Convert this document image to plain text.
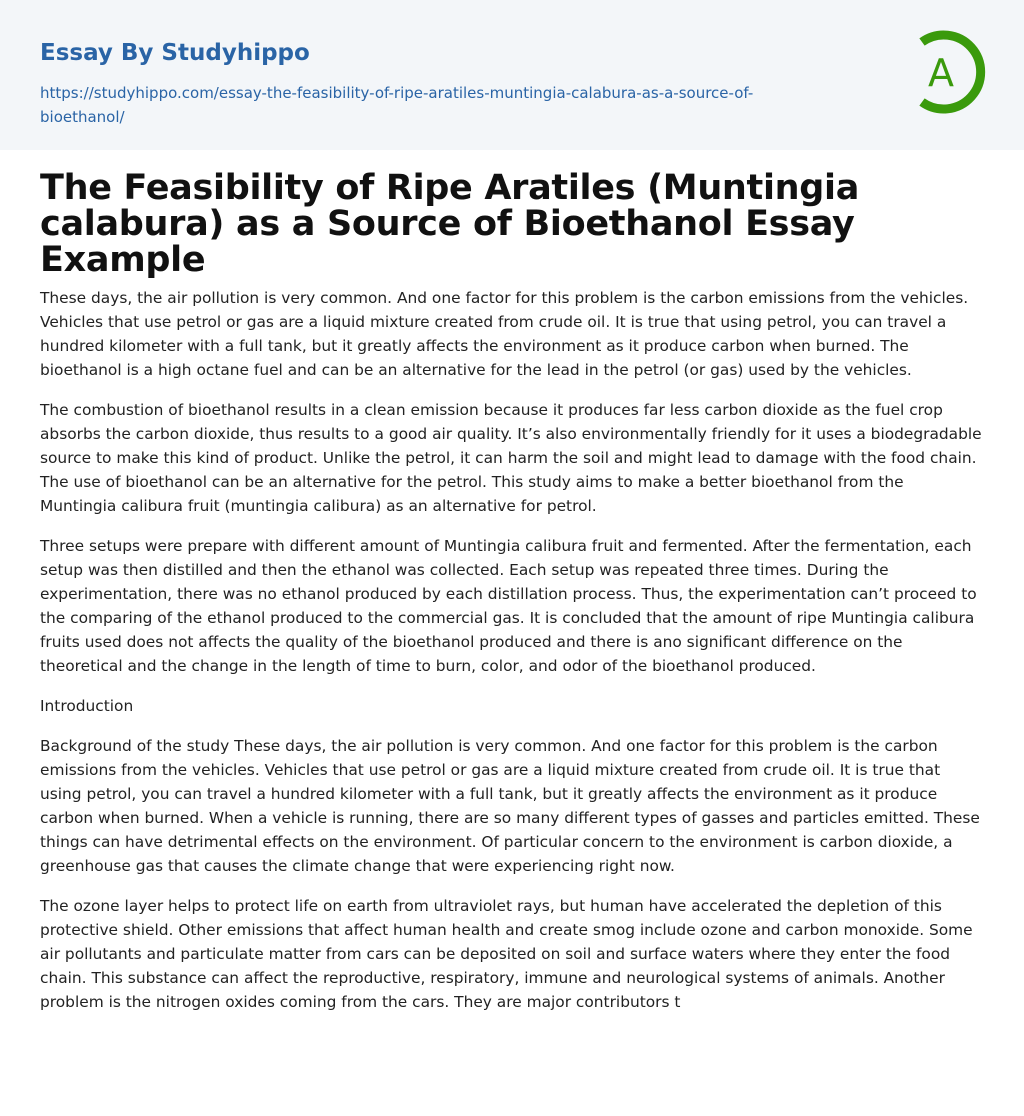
Essay By Studyhippo
https://studyhippo.com/essay-the-feasibility-of-ripe-aratiles-muntingia-calabura-as-a-source-of-bioethanol/
A
The Feasibility of Ripe Aratiles (Muntingia calabura) as a Source of Bioethanol Essay Example

These days, the air pollution is very common. And one factor for this problem is the carbon emissions from the vehicles. Vehicles that use petrol or gas are a liquid mixture created from crude oil. It is true that using petrol, you can travel a hundred kilometer with a full tank, but it greatly affects the environment as it produce carbon when burned. The bioethanol is a high octane fuel and can be an alternative for the lead in the petrol (or gas) used by the vehicles.

The combustion of bioethanol results in a clean emission because it produces far less carbon dioxide as the fuel crop absorbs the carbon dioxide, thus results to a good air quality. It’s also environmentally friendly for it uses a biodegradable source to make this kind of product. Unlike the petrol, it can harm the soil and might lead to damage with the food chain. The use of bioethanol can be an alternative for the petrol. This study aims to make a better bioethanol from the Muntingia calibura fruit (muntingia calibura) as an alternative for petrol.

Three setups were prepare with different amount of Muntingia calibura fruit and fermented. After the fermentation, each setup was then distilled and then the ethanol was collected. Each setup was repeated three times. During the experimentation, there was no ethanol produced by each distillation process. Thus, the experimentation can’t proceed to the comparing of the ethanol produced to the commercial gas. It is concluded that the amount of ripe Muntingia calibura fruits used does not affects the quality of the bioethanol produced and there is ano significant difference on the theoretical and the change in the length of time to burn, color, and odor of the bioethanol produced.

Introduction

Background of the study These days, the air pollution is very common. And one factor for this problem is the carbon emissions from the vehicles. Vehicles that use petrol or gas are a liquid mixture created from crude oil. It is true that using petrol, you can travel a hundred kilometer with a full tank, but it greatly affects the environment as it produce carbon when burned. When a vehicle is running, there are so many different types of gasses and particles emitted. These things can have detrimental effects on the environment. Of particular concern to the environment is carbon dioxide, a greenhouse gas that causes the climate change that were experiencing right now.

The ozone layer helps to protect life on earth from ultraviolet rays, but human have accelerated the depletion of this protective shield. Other emissions that affect human health and create smog include ozone and carbon monoxide. Some air pollutants and particulate matter from cars can be deposited on soil and surface waters where they enter the food chain. This substance can affect the reproductive, respiratory, immune and neurological systems of animals. Another problem is the nitrogen oxides coming from the cars. They are major contributors t
